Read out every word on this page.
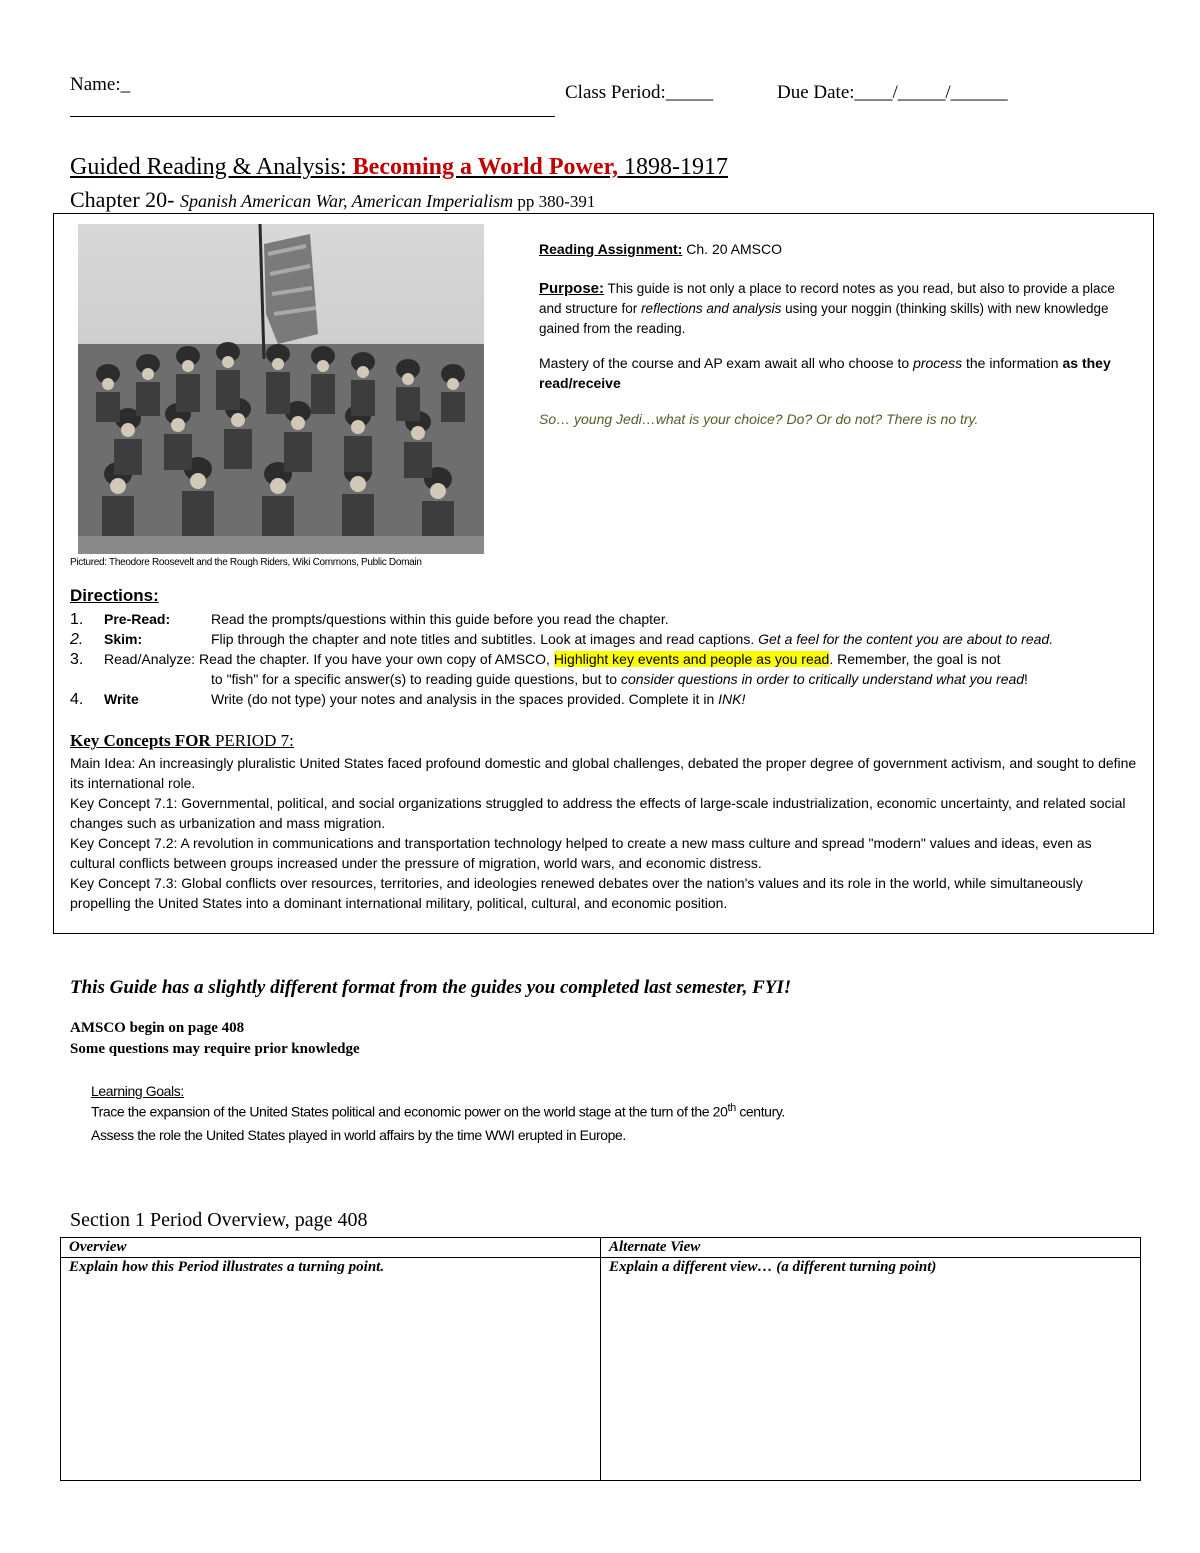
Name:_	Class Period:_____	Due Date:____/_____/______
Guided Reading & Analysis: Becoming a World Power, 1898-1917
Chapter 20- Spanish American War, American Imperialism pp 380-391
Pictured: Theodore Roosevelt and the Rough Riders, Wiki Commons, Public Domain
Reading Assignment: Ch. 20 AMSCO
Purpose: This guide is not only a place to record notes as you read, but also to provide a place and structure for reflections and analysis using your noggin (thinking skills) with new knowledge gained from the reading.
Mastery of the course and AP exam await all who choose to process the information as they read/receive
So… young Jedi…what is your choice? Do? Or do not? There is no try.
Directions:
1. Pre-Read:	Read the prompts/questions within this guide before you read the chapter.
2. Skim:	Flip through the chapter and note titles and subtitles. Look at images and read captions. Get a feel for the content you are about to read.
3. Read/Analyze: Read the chapter. If you have your own copy of AMSCO, Highlight key events and people as you read. Remember, the goal is not
to "fish" for a specific answer(s) to reading guide questions, but to consider questions in order to critically understand what you read!
4. Write	Write (do not type) your notes and analysis in the spaces provided. Complete it in INK!
Key Concepts FOR PERIOD 7:
Main Idea: An increasingly pluralistic United States faced profound domestic and global challenges, debated the proper degree of government activism, and sought to define its international role.
Key Concept 7.1: Governmental, political, and social organizations struggled to address the effects of large-scale industrialization, economic uncertainty, and related social changes such as urbanization and mass migration.
Key Concept 7.2: A revolution in communications and transportation technology helped to create a new mass culture and spread "modern" values and ideas, even as cultural conflicts between groups increased under the pressure of migration, world wars, and economic distress.
Key Concept 7.3: Global conflicts over resources, territories, and ideologies renewed debates over the nation's values and its role in the world, while simultaneously propelling the United States into a dominant international military, political, cultural, and economic position.
This Guide has a slightly different format from the guides you completed last semester, FYI!
AMSCO begin on page 408
Some questions may require prior knowledge
Learning Goals:
Trace the expansion of the United States political and economic power on the world stage at the turn of the 20th century.
Assess the role the United States played in world affairs by the time WWI erupted in Europe.
Section 1 Period Overview, page 408
Overview	Alternate View
Explain how this Period illustrates a turning point.	Explain a different view… (a different turning point)
